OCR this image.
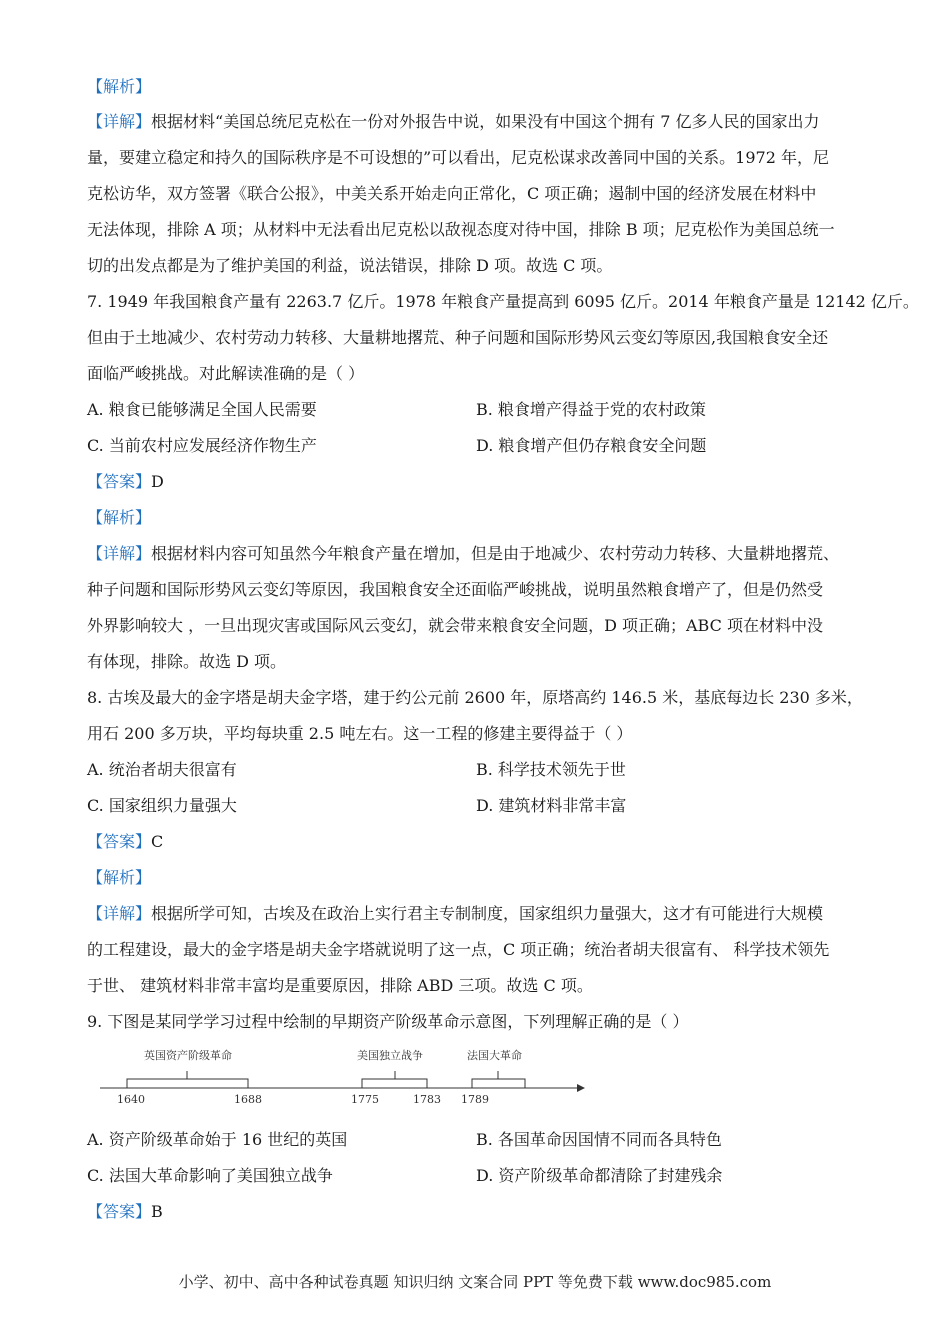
【解析】
【详解】根据材料“美国总统尼克松在一份对外报告中说，如果没有中国这个拥有 7 亿多人民的国家出力
量，要建立稳定和持久的国际秩序是不可设想的”可以看出，尼克松谋求改善同中国的关系。1972 年，尼
克松访华，双方签署《联合公报》，中美关系开始走向正常化，C 项正确；遏制中国的经济发展在材料中
无法体现，排除 A 项；从材料中无法看出尼克松以敌视态度对待中国，排除 B 项；尼克松作为美国总统一
切的出发点都是为了维护美国的利益，说法错误，排除 D 项。故选 C 项。
7. 1949 年我国粮食产量有 2263.7 亿斤。1978 年粮食产量提高到 6095 亿斤。2014 年粮食产量是 12142 亿斤。
但由于土地减少、农村劳动力转移、大量耕地撂荒、种子问题和国际形势风云变幻等原因,我国粮食安全还
面临严峻挑战。对此解读准确的是（ ）
A. 粮食已能够满足全国人民需要	B. 粮食增产得益于党的农村政策
C. 当前农村应发展经济作物生产	D. 粮食增产但仍存粮食安全问题
【答案】D
【解析】
【详解】根据材料内容可知虽然今年粮食产量在增加，但是由于地减少、农村劳动力转移、大量耕地撂荒、
种子问题和国际形势风云变幻等原因，我国粮食安全还面临严峻挑战，说明虽然粮食增产了，但是仍然受
外界影响较大 ，一旦出现灾害或国际风云变幻，就会带来粮食安全问题，D 项正确；ABC 项在材料中没
有体现，排除。故选 D 项。
8. 古埃及最大的金字塔是胡夫金字塔，建于约公元前 2600 年，原塔高约 146.5 米，基底每边长 230 多米，
用石 200 多万块，平均每块重 2.5 吨左右。这一工程的修建主要得益于（ ）
A. 统治者胡夫很富有	B. 科学技术领先于世
C. 国家组织力量强大	D. 建筑材料非常丰富
【答案】C
【解析】
【详解】根据所学可知，古埃及在政治上实行君主专制制度，国家组织力量强大，这才有可能进行大规模
的工程建设，最大的金字塔是胡夫金字塔就说明了这一点，C 项正确；统治者胡夫很富有、 科学技术领先
于世、 建筑材料非常丰富均是重要原因，排除 ABD 三项。故选 C 项。
9. 下图是某同学学习过程中绘制的早期资产阶级革命示意图，下列理解正确的是（ ）
英国资产阶级革命	美国独立战争	法国大革命
1640	1688	1775	1783 1789
A. 资产阶级革命始于 16 世纪的英国	B. 各国革命因国情不同而各具特色
C. 法国大革命影响了美国独立战争	D. 资产阶级革命都清除了封建残余
【答案】B
小学、初中、高中各种试卷真题 知识归纳 文案合同 PPT 等免费下载 www.doc985.com
